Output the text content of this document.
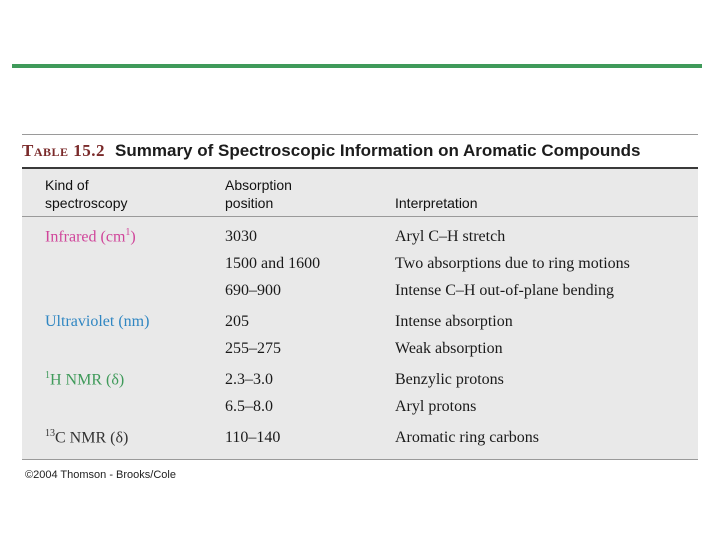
Table 15.2 Summary of Spectroscopic Information on Aromatic Compounds
Kind of
spectroscopy
Absorption
position	Interpretation
Infrared $(cm^1)$	3030	Aryl C–H stretch
1500 and 1600	Two absorptions due to ring motions
690–900	Intense C–H out-of-plane bending
Ultraviolet (nm)	205	Intense absorption
255–275	Weak absorption
$^1$H NMR (δ)	2.3–3.0	Benzylic protons
6.5–8.0	Aryl protons
$^{13}$C NMR (δ)	110–140	Aromatic ring carbons
©2004 Thomson - Brooks/Cole
